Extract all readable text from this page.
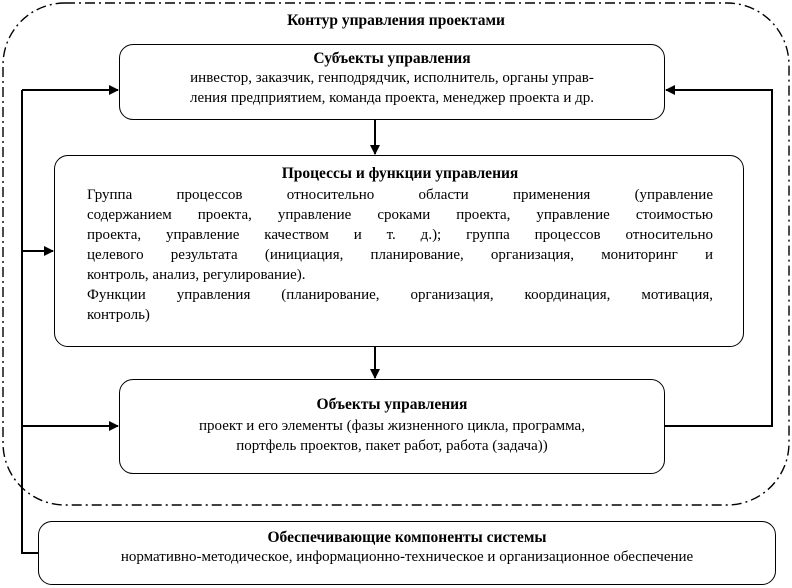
Контур управления проектами
Субъекты управления
инвестор, заказчик, генподрядчик, исполнитель, органы управ-
ления предприятием, команда проекта, менеджер проекта и др.
Процессы и функции управления
Группа процессов относительно области применения (управление
содержанием проекта, управление сроками проекта, управление стоимостью
проекта, управление качеством и т. д.); группа процессов относительно
целевого результата (инициация, планирование, организация, мониторинг и
контроль, анализ, регулирование).
Функции управления (планирование, организация, координация, мотивация,
контроль)
Объекты управления
проект и его элементы (фазы жизненного цикла, программа,
портфель проектов, пакет работ, работа (задача))
Обеспечивающие компоненты системы
нормативно-методическое, информационно-техническое и организационное обеспечение
